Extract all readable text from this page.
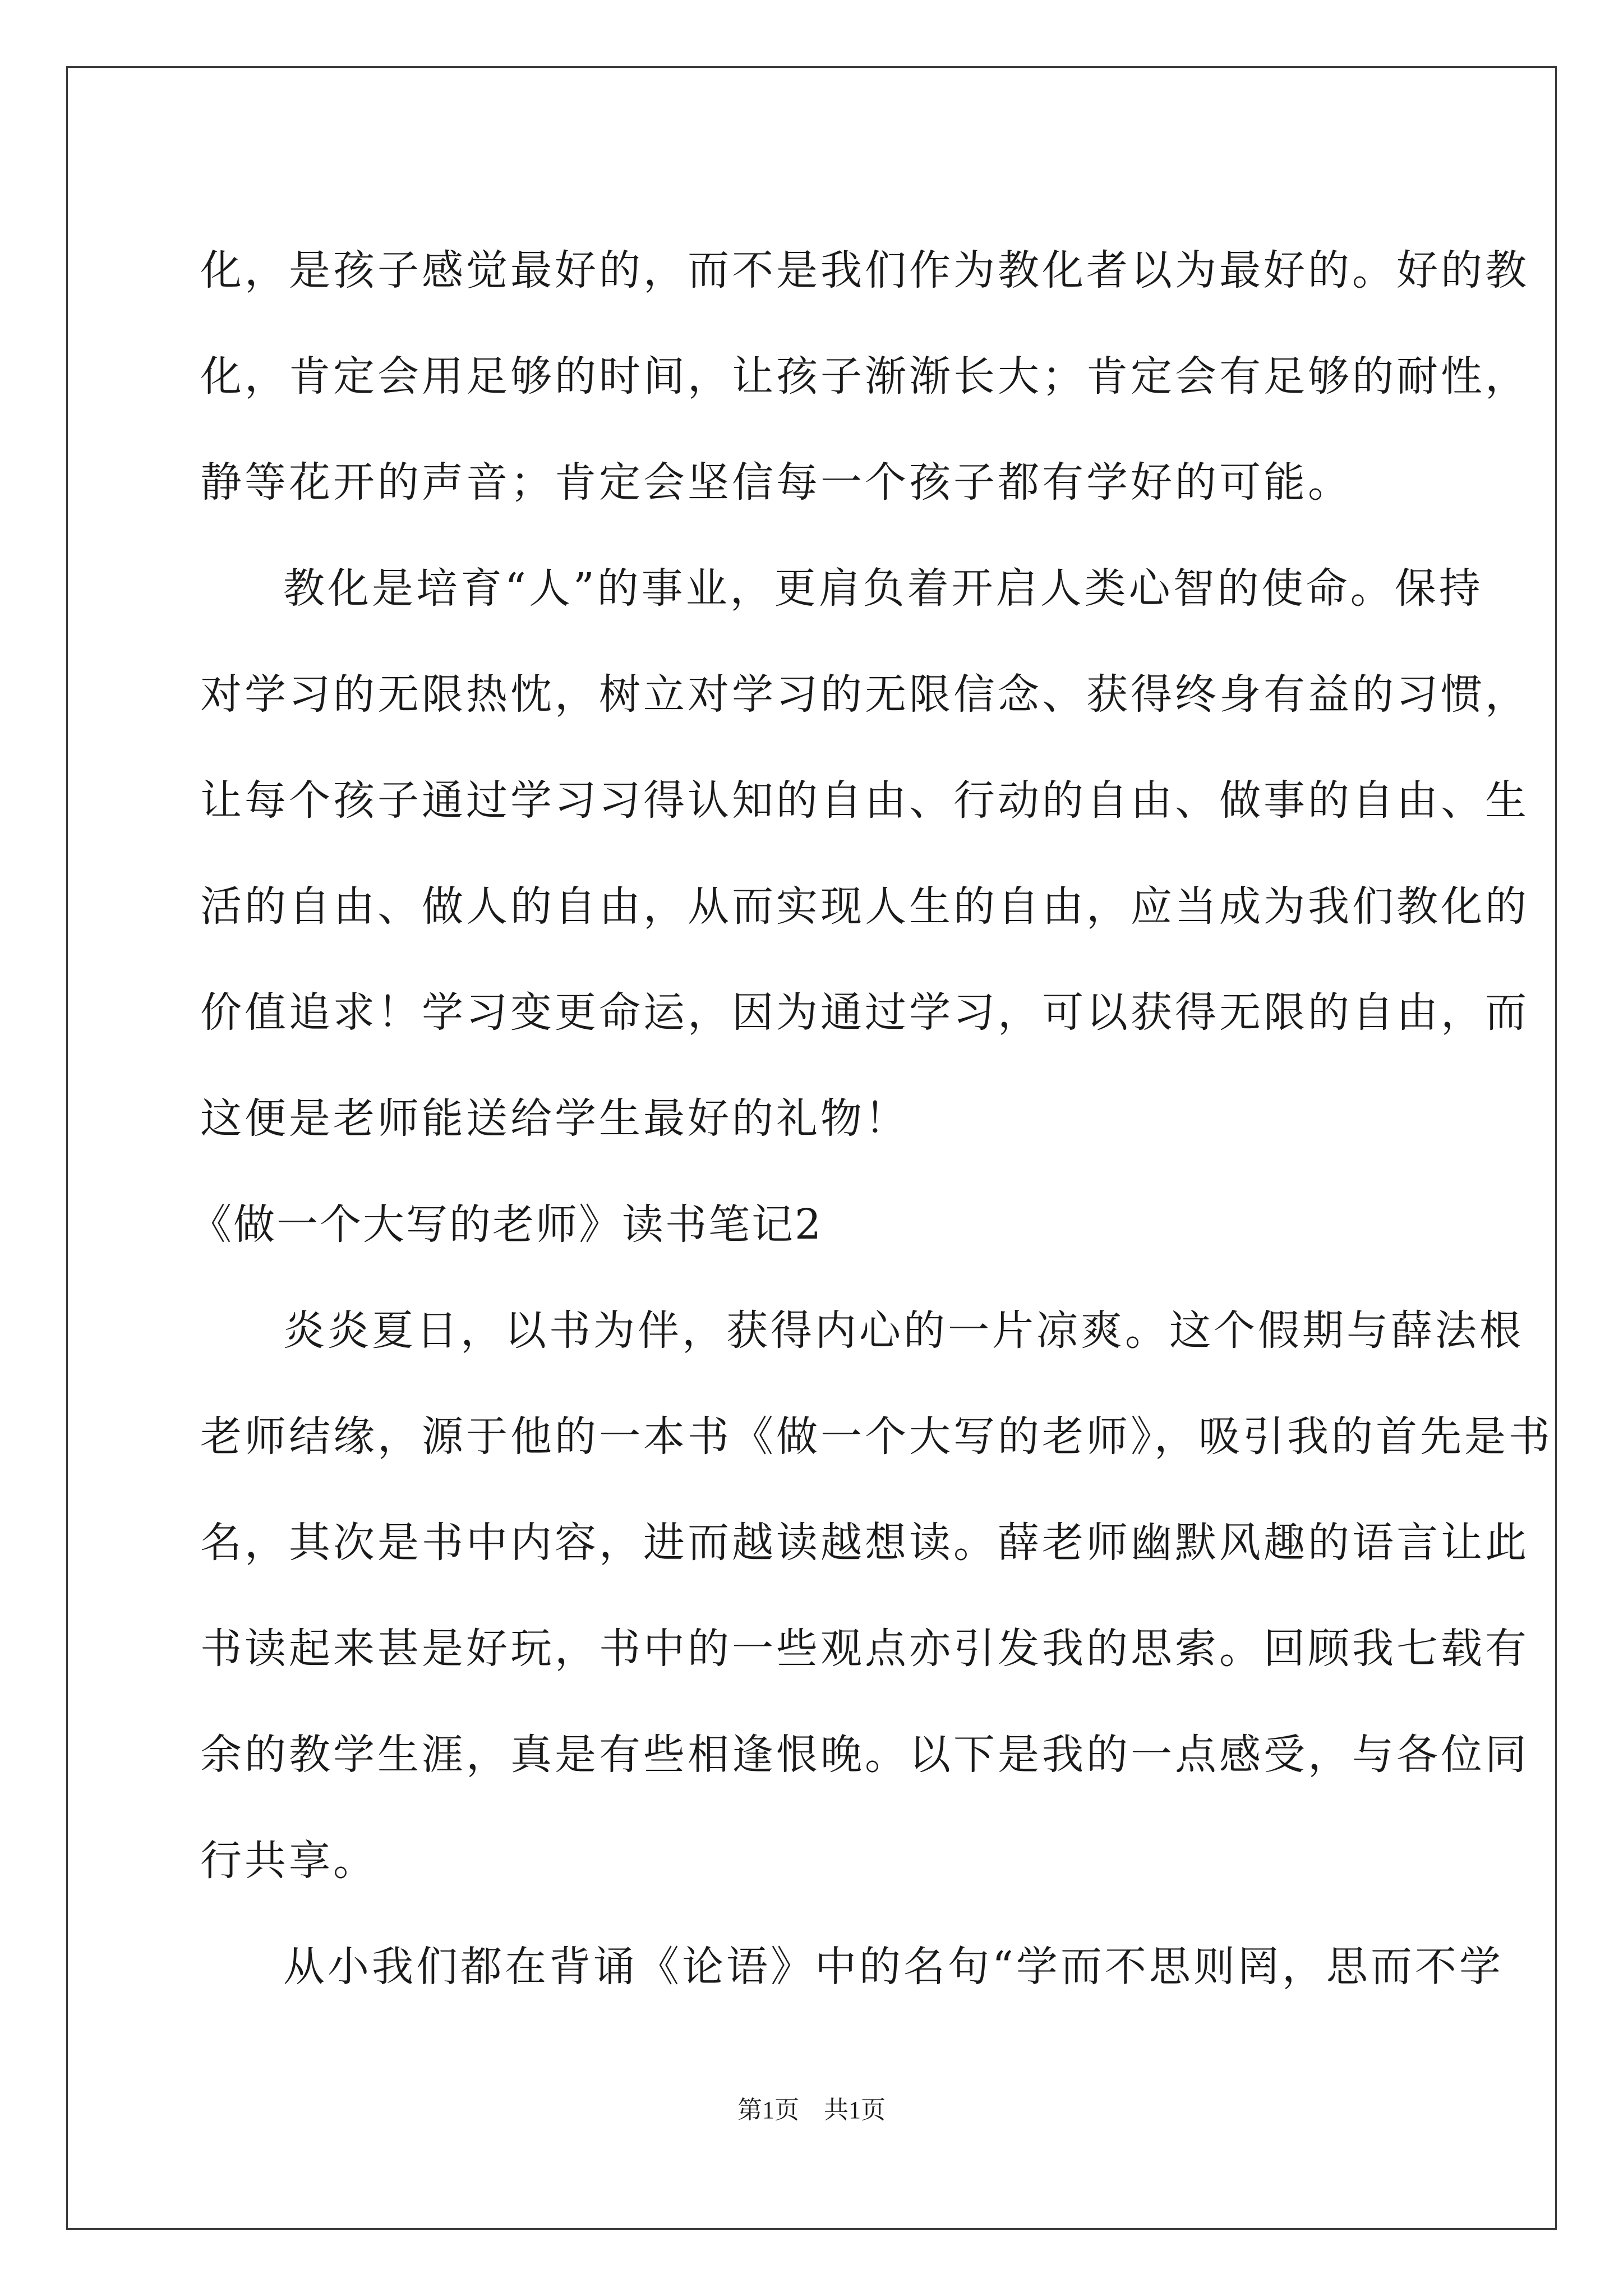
化，是孩子感觉最好的，而不是我们作为教化者以为最好的。好的教
化，肯定会用足够的时间，让孩子渐渐长大；肯定会有足够的耐性，
静等花开的声音；肯定会坚信每一个孩子都有学好的可能。
教化是培育“人”的事业，更肩负着开启人类心智的使命。保持
对学习的无限热忱，树立对学习的无限信念、获得终身有益的习惯，
让每个孩子通过学习习得认知的自由、行动的自由、做事的自由、生
活的自由、做人的自由，从而实现人生的自由，应当成为我们教化的
价值追求！学习变更命运，因为通过学习，可以获得无限的自由，而
这便是老师能送给学生最好的礼物！
《做一个大写的老师》读书笔记2
炎炎夏日，以书为伴，获得内心的一片凉爽。这个假期与薛法根
老师结缘，源于他的一本书《做一个大写的老师》，吸引我的首先是书
名，其次是书中内容，进而越读越想读。薛老师幽默风趣的语言让此
书读起来甚是好玩，书中的一些观点亦引发我的思索。回顾我七载有
余的教学生涯，真是有些相逢恨晚。以下是我的一点感受，与各位同
行共享。
从小我们都在背诵《论语》中的名句“学而不思则罔，思而不学
第1页　共1页
